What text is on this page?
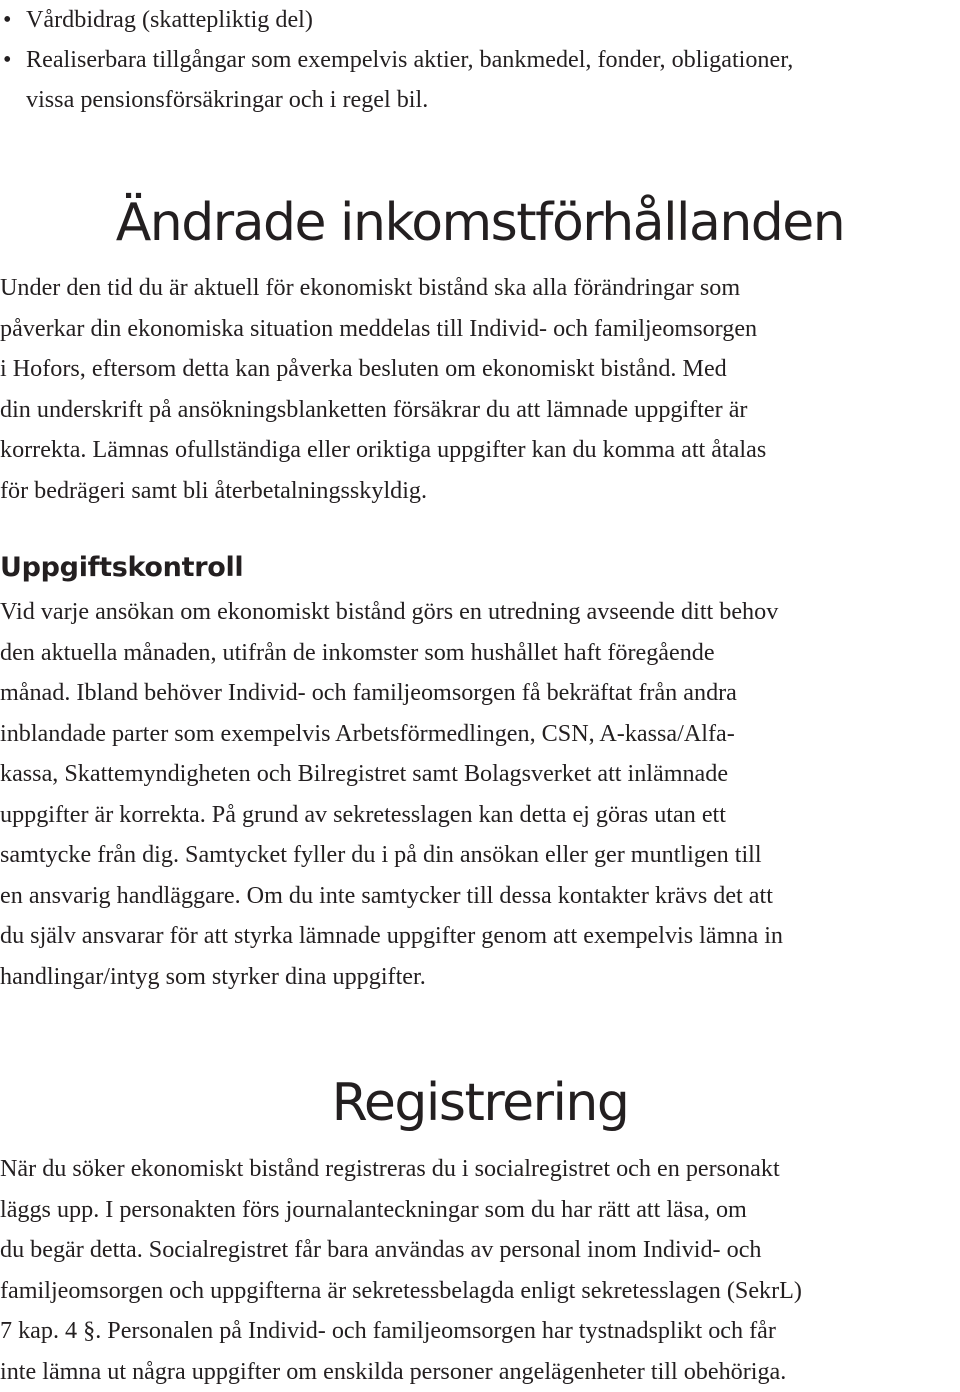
• Vårdbidrag (skattepliktig del)
• Realiserbara tillgångar som exempelvis aktier, bankmedel, fonder, obligationer,
vissa pensionsförsäkringar och i regel bil.
Ändrade inkomstförhållanden

Under den tid du är aktuell för ekonomiskt bistånd ska alla förändringar som
påverkar din ekonomiska situation meddelas till Individ- och familjeomsorgen
i Hofors, eftersom detta kan påverka besluten om ekonomiskt bistånd. Med
din underskrift på ansökningsblanketten försäkrar du att lämnade uppgifter är
korrekta. Lämnas ofullständiga eller oriktiga uppgifter kan du komma att åtalas
för bedrägeri samt bli återbetalningsskyldig.

Uppgiftskontroll

Vid varje ansökan om ekonomiskt bistånd görs en utredning avseende ditt behov
den aktuella månaden, utifrån de inkomster som hushållet haft föregående
månad. Ibland behöver Individ- och familjeomsorgen få bekräftat från andra
inblandade parter som exempelvis Arbetsförmedlingen, CSN, A-kassa/Alfa-
kassa, Skattemyndigheten och Bilregistret samt Bolagsverket att inlämnade
uppgifter är korrekta. På grund av sekretesslagen kan detta ej göras utan ett
samtycke från dig. Samtycket fyller du i på din ansökan eller ger muntligen till
en ansvarig handläggare. Om du inte samtycker till dessa kontakter krävs det att
du själv ansvarar för att styrka lämnade uppgifter genom att exempelvis lämna in
handlingar/intyg som styrker dina uppgifter.

Registrering

När du söker ekonomiskt bistånd registreras du i socialregistret och en personakt
läggs upp. I personakten förs journalanteckningar som du har rätt att läsa, om
du begär detta. Socialregistret får bara användas av personal inom Individ- och
familjeomsorgen och uppgifterna är sekretessbelagda enligt sekretesslagen (SekrL)
7 kap. 4 §. Personalen på Individ- och familjeomsorgen har tystnadsplikt och får
inte lämna ut några uppgifter om enskilda personer angelägenheter till obehöriga.
